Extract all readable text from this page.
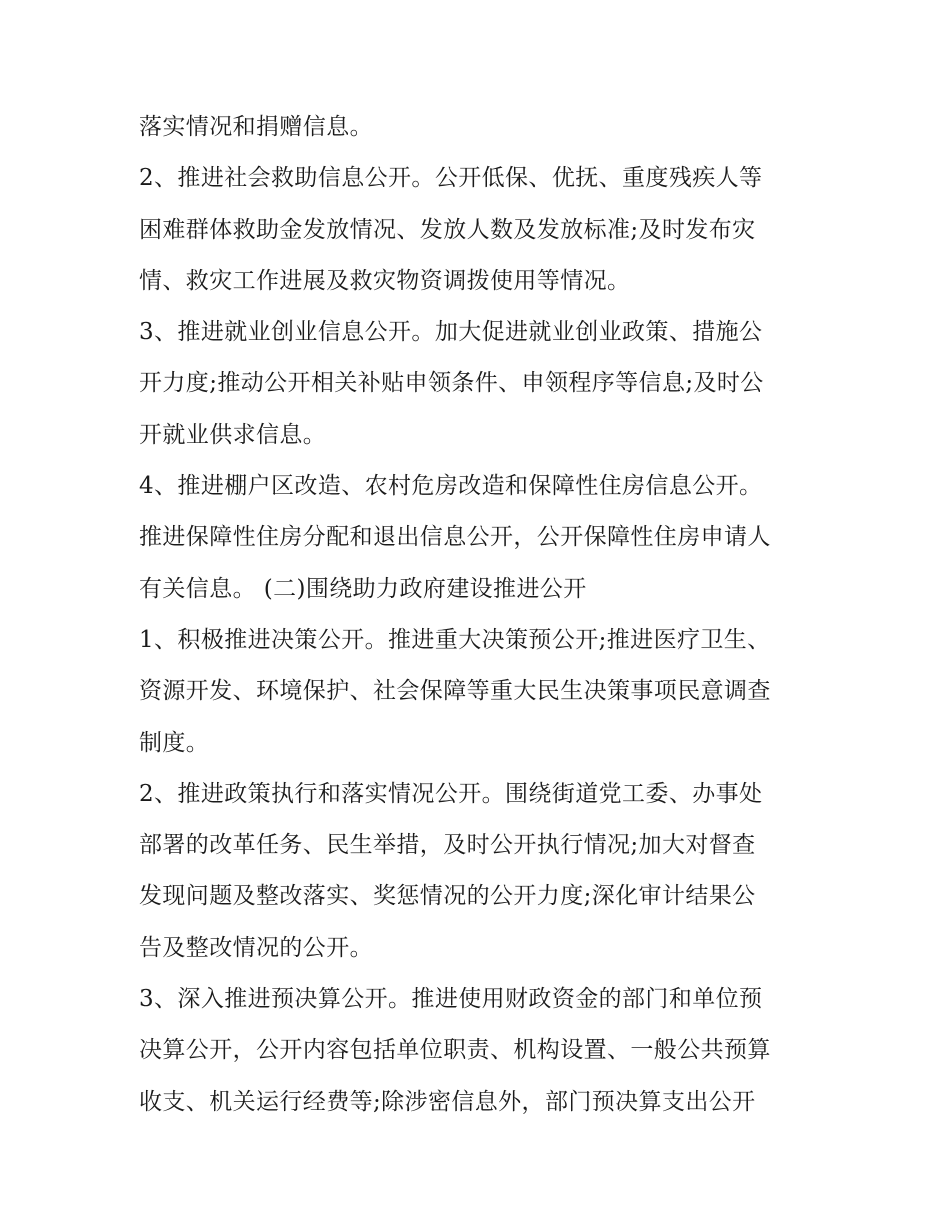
落实情况和捐赠信息。
2、推进社会救助信息公开。公开低保、优抚、重度残疾人等
困难群体救助金发放情况、发放人数及发放标准;及时发布灾
情、救灾工作进展及救灾物资调拨使用等情况。
3、推进就业创业信息公开。加大促进就业创业政策、措施公
开力度;推动公开相关补贴申领条件、申领程序等信息;及时公
开就业供求信息。
4、推进棚户区改造、农村危房改造和保障性住房信息公开。
推进保障性住房分配和退出信息公开，公开保障性住房申请人
有关信息。 (二)围绕助力政府建设推进公开
1、积极推进决策公开。推进重大决策预公开;推进医疗卫生、
资源开发、环境保护、社会保障等重大民生决策事项民意调查
制度。
2、推进政策执行和落实情况公开。围绕街道党工委、办事处
部署的改革任务、民生举措，及时公开执行情况;加大对督查
发现问题及整改落实、奖惩情况的公开力度;深化审计结果公
告及整改情况的公开。
3、深入推进预决算公开。推进使用财政资金的部门和单位预
决算公开，公开内容包括单位职责、机构设置、一般公共预算
收支、机关运行经费等;除涉密信息外，部门预决算支出公开
